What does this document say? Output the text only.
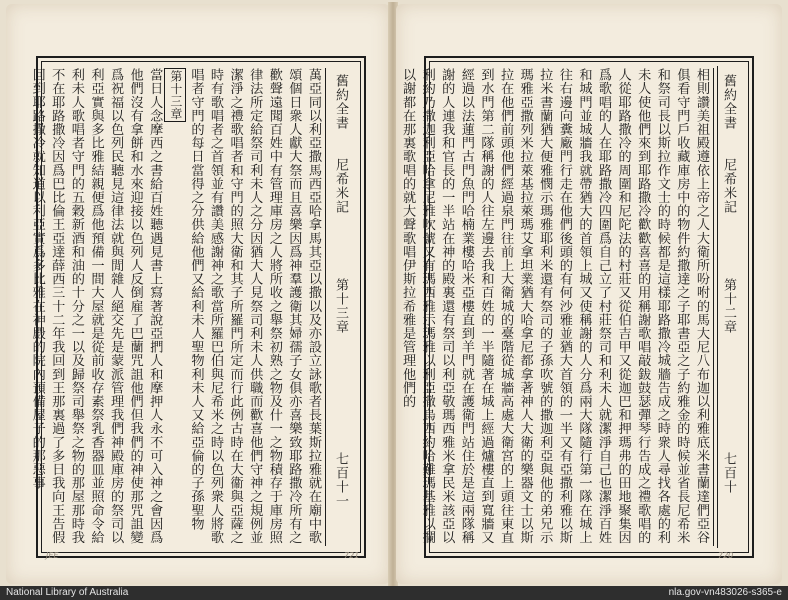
舊約全書
尼希米記
第十三章
七百十一

萬亞同以利亞撒馬西亞哈拿馬其亞以撒以及亦設立詠歌者長葉斯拉雅就在廟中歌頌個日衆人獻大祭而且喜樂因爲神羣護衛其婦孺子女俱亦喜樂致耶路撒冷所有之歡聲遠聞百姓中有管理庫房之人將所收之舉祭初熟之物及什一之物積存于庫房照律法所定給祭司利未人之分因猶大人見祭司利未人供職而歡喜他們守神之規例並潔淨之禮歌唱者和守門的照大衛和其子所羅門所定而行此例古時在大衞與亞薩之時有歌唱者之首領並有讚美感謝神之歌當所羅巴伯與尼希米之時以色列衆人將歌唱者守門的每日當得之分供給他們又給利未人聖物利未人又給亞倫的子孫聖物

第十三章

當日人念摩西之書給百姓聽遇見書上寫著說亞捫人和摩押人永不可入神之會因爲他們沒有拿餅和水來迎接以色列人反倒雇了巴蘭咒詛他們但我們的神使那咒詛變爲祝福以色列民聽見這律法就與閒雜人絕交先是蒙派管理我們神殿庫房的祭司以利亞實與多比雅結親便爲他預備一間大屋就是從前收存素祭乳香器皿並照命令給利未人歌唱者守門的五穀新酒和油的十分之一以及歸祭司舉祭之物的那屋那時我不在耶路撒冷因爲巴比倫王亞達薛西三十二年我回到王那裏過了多日我向王告假回到耶路撒冷就知道以利亞實爲多比雅在神殿的院內預備屋子的那惡事

JEE	721
舊約全書
尼希米記
第十二章
七百十

相則讚美祖殿遵依上帝之人大衛所吩咐的馬大尼八布迦以利雅底米書蘭達們亞谷俱看守門戶收藏庫房中的物件約撒達之子耶書亞之子約雅金的時候並省長尼希米和祭司長以斯拉作文士的時候都是這樣耶路撒冷城牆告成之時衆人尋找各處的利未人使他們來到耶路撒冷歡歡喜喜的用稱謝歌唱敲鈸鼓瑟彈琴行告成之禮歌唱的人從耶路撒冷的周圍和尼陀法的村莊又從伯吉甲又從迦巴和押瑪弗的田地聚集因爲歌唱的人在耶路撒冷四圍爲自己立了村莊祭司和利未人就潔淨自己也潔淨百姓和城門並城牆我就帶猶大的首領上城又使稱謝的人分爲兩大隊隨行第一隊在城上往右邊向糞廠門行走在他們後頭的有何沙雅並猶大首領的一半又有亞撒利雅以斯拉米書蘭猶大便雅憫示瑪雅耶利米還有祭司的子孫吹號的撒迦利亞與他的弟兄示瑪雅亞撒列米拉萊基拉萊瑪艾拿坦業猶大哈拿尼都拿著神人大衛的樂器文士以斯拉在他們前頭他們經過泉門往前上大衛城的臺階從城牆高處大衛宮的上頭往東直到水門第二隊稱謝的人往左邊去我和百姓的一半隨著在城上經過爐樓直到寬牆又經過以法蓮門古門魚門哈楠業樓哈米亞樓直到羊門就在護衛門站住於是這兩隊稱謝的人連我和官長的一半站在神的殿裏還有祭司以利亞敬瑪西雅米拿民米該亞以利約乃撒迦利亞哈拿尼雅吹號又有瑪西雅示瑪雅以利亞撒烏西約哈難瑪基雅以攔以謝都在那裏歌唱的就大聲歌唱伊斯拉希雅是管理他們的

720
National Library of Australia	nla.gov-vn483026-s365-e
